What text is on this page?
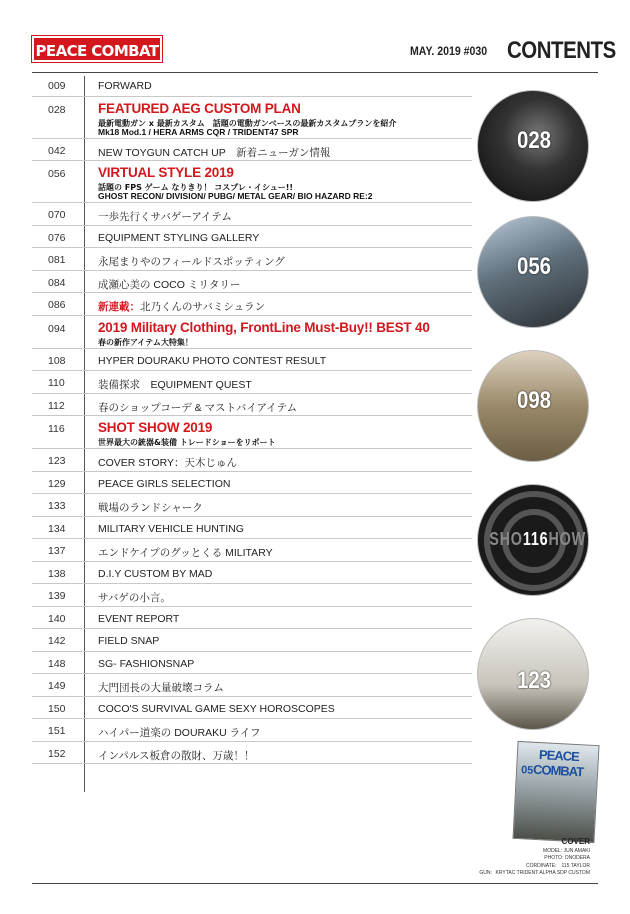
PEACE COMBAT	MAY. 2019 #030 CONTENTS
009	FORWARD
028 FEATURED AEG CUSTOM PLAN
最新電動ガン x 最新カスタム　話題の電動ガンベースの最新カスタムプランを紹介
Mk18 Mod.1 / HERA ARMS CQR / TRIDENT47 SPR
042	NEW TOYGUN CATCH UP　新着ニューガン情報
056 VIRTUAL STYLE 2019
話題の FPS ゲーム なりきり！ コスプレ・イシュー!!
GHOST RECON/ DIVISION/ PUBG/ METAL GEAR/ BIO HAZARD RE:2
070	一歩先行くサバゲーアイテム
076	EQUIPMENT STYLING GALLERY
081	永尾まりやのフィールドスポッティング
084	成瀬心美の COCO ミリタリー
086	新連載：北乃くんのサバミシュラン
094 2019 Military Clothing, FrontLine Must-Buy!! BEST 40
春の新作アイテム大特集！
108	HYPER DOURAKU PHOTO CONTEST RESULT
110	装備探求　EQUIPMENT QUEST
112	春のショップコーデ & マストバイアイテム
116 SHOT SHOW 2019
世界最大の銃器&装備 トレードショーをリポート
123	COVER STORY：天木じゅん
129	PEACE GIRLS SELECTION
133	戦場のランドシャーク
134	MILITARY VEHICLE HUNTING
137	エンドケイプのグッとくる MILITARY
138	D.I.Y CUSTOM BY MAD
139	サバゲの小言。
140	EVENT REPORT
142	FIELD SNAP
148	SG- FASHIONSNAP
149	大門団長の大量破壊コラム
150	COCO'S SURVIVAL GAME SEXY HOROSCOPES
151	ハイパー道楽の DOURAKU ライフ
152	インパルス板倉の散財、万歳！！
028
056
098
SHO116HOW
123
PEACE COMBAT
05
COVER
MODEL: JUN AMAKI
PHOTO: ONODERA
CORDINATE:　115 TAYLOR
GUN：KRYTAC TRIDENT ALPHA SDP CUSTOM
